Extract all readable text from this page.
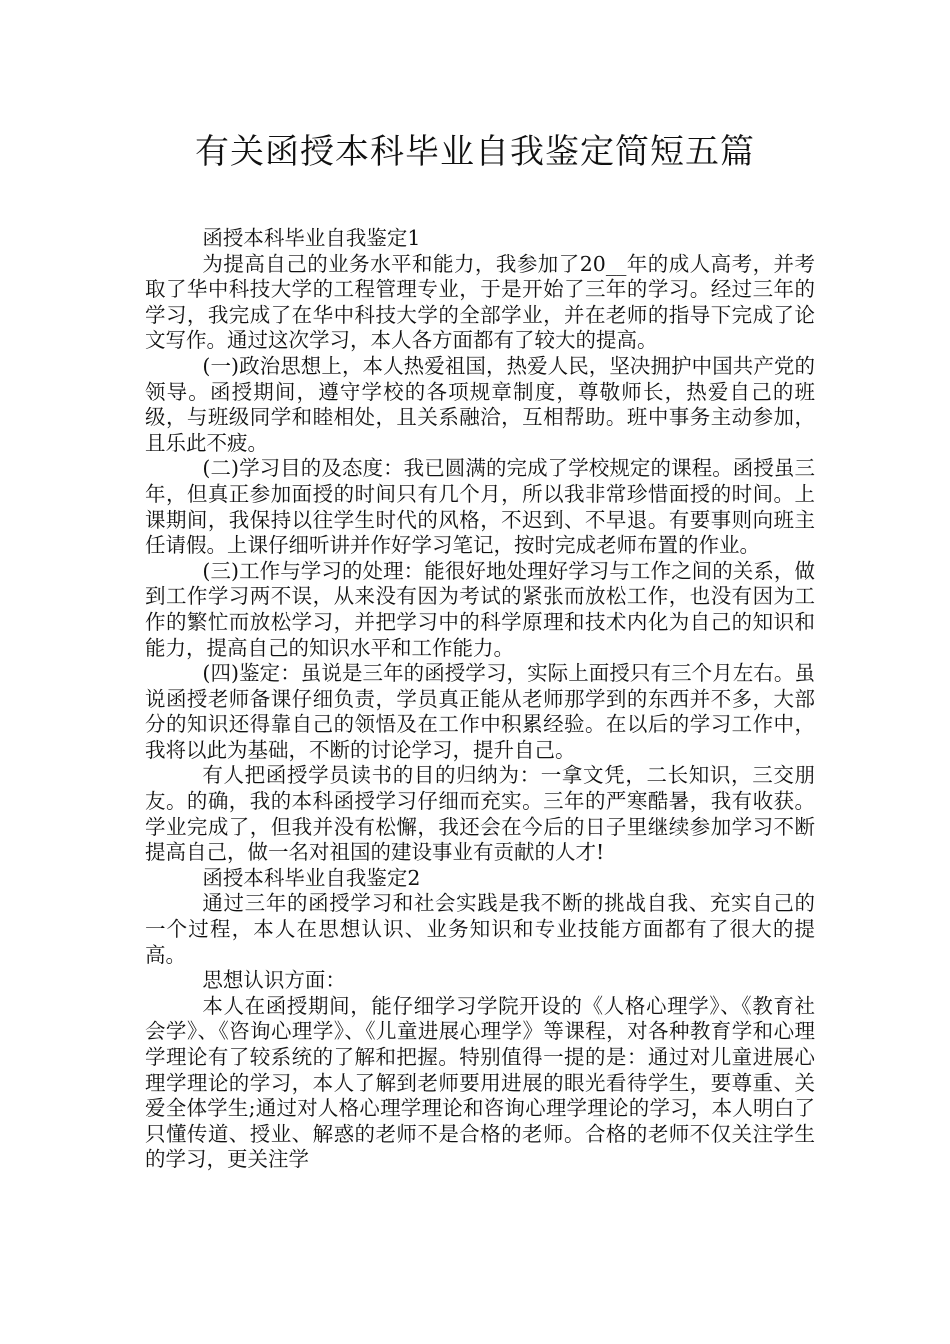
有关函授本科毕业自我鉴定简短五篇

函授本科毕业自我鉴定1

为提高自己的业务水平和能力，我参加了20__年的成人高考，并考取了华中科技大学的工程管理专业，于是开始了三年的学习。经过三年的学习，我完成了在华中科技大学的全部学业，并在老师的指导下完成了论文写作。通过这次学习，本人各方面都有了较大的提高。

(一)政治思想上，本人热爱祖国，热爱人民，坚决拥护中国共产党的领导。函授期间，遵守学校的各项规章制度，尊敬师长，热爱自己的班级，与班级同学和睦相处，且关系融洽，互相帮助。班中事务主动参加，且乐此不疲。

(二)学习目的及态度：我已圆满的完成了学校规定的课程。函授虽三年，但真正参加面授的时间只有几个月，所以我非常珍惜面授的时间。上课期间，我保持以往学生时代的风格，不迟到、不早退。有要事则向班主任请假。上课仔细听讲并作好学习笔记，按时完成老师布置的作业。

(三)工作与学习的处理：能很好地处理好学习与工作之间的关系，做到工作学习两不误，从来没有因为考试的紧张而放松工作，也没有因为工作的繁忙而放松学习，并把学习中的科学原理和技术内化为自己的知识和能力，提高自己的知识水平和工作能力。

(四)鉴定：虽说是三年的函授学习，实际上面授只有三个月左右。虽说函授老师备课仔细负责，学员真正能从老师那学到的东西并不多，大部分的知识还得靠自己的领悟及在工作中积累经验。在以后的学习工作中，我将以此为基础，不断的讨论学习，提升自己。

有人把函授学员读书的目的归纳为：一拿文凭，二长知识，三交朋友。的确，我的本科函授学习仔细而充实。三年的严寒酷暑，我有收获。学业完成了，但我并没有松懈，我还会在今后的日子里继续参加学习不断提高自己，做一名对祖国的建设事业有贡献的人才!

函授本科毕业自我鉴定2

通过三年的函授学习和社会实践是我不断的挑战自我、充实自己的一个过程，本人在思想认识、业务知识和专业技能方面都有了很大的提高。

思想认识方面：

本人在函授期间，能仔细学习学院开设的《人格心理学》、《教育社会学》、《咨询心理学》、《儿童进展心理学》等课程，对各种教育学和心理学理论有了较系统的了解和把握。特别值得一提的是：通过对儿童进展心理学理论的学习，本人了解到老师要用进展的眼光看待学生，要尊重、关爱全体学生;通过对人格心理学理论和咨询心理学理论的学习，本人明白了只懂传道、授业、解惑的老师不是合格的老师。合格的老师不仅关注学生的学习，更关注学
